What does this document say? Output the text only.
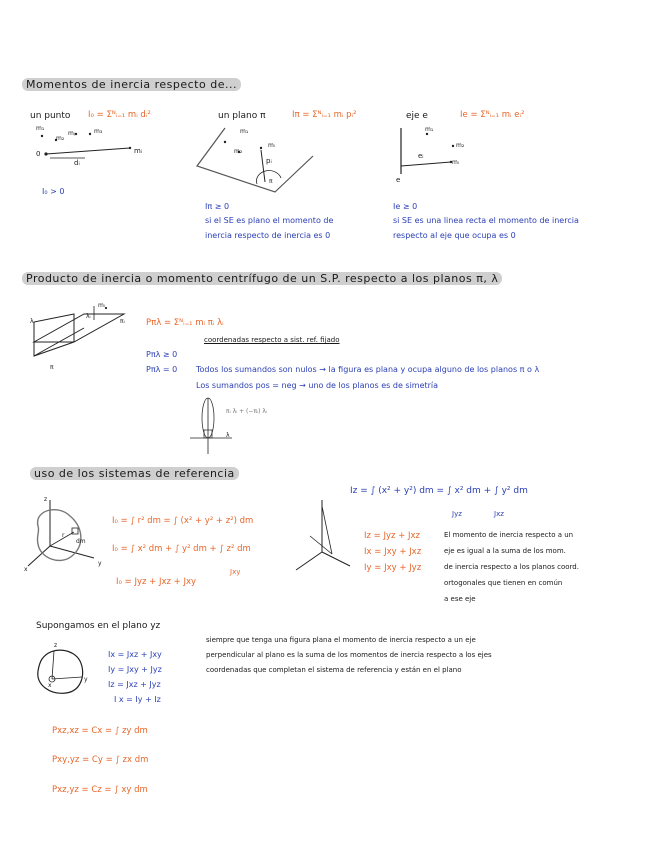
Momentos de inercia respecto de...
un punto I₀ = Σᴺᵢ₌₁ mᵢ dᵢ²
m₁
m₂
mⱼ	m₃
mᵢ
dᵢ
0
I₀ > 0
un plano π	Iπ = Σᴺᵢ₌₁ mᵢ pᵢ²
m₁
m₂
mᵢ
pᵢ
π
Iπ ≥ 0
si el SE es plano el momento de
inercia respecto de inercia es 0
eje e	Ie = Σᴺᵢ₌₁ mᵢ eᵢ²
m₁
m₂
eᵢ
mᵢ
e
Ie ≥ 0
si SE es una linea recta el momento de inercia
respecto al eje que ocupa es 0
Producto de inercia o momento centrífugo de un S.P. respecto a los planos π, λ
λ
λᵢ
πᵢ
mᵢ
π
Pπλ = Σᴺᵢ₌₁ mᵢ πᵢ λᵢ
coordenadas respecto a sist. ref. fijado
Pπλ ≥ 0
Pπλ = 0 Todos los sumandos son nulos → la figura es plana y ocupa alguno de los planos π o λ
Los sumandos pos = neg → uno de los planos es de simetría
πᵢ λᵢ + (−πᵢ) λᵢ
λ
uso de los sistemas de referencia
z
y
x
dm
r
I₀ = ∫ r² dm = ∫ (x² + y² + z²) dm
I₀ = ∫ x² dm + ∫ y² dm + ∫ z² dm
Jxy
I₀ = Jyz + Jxz + Jxy
Iz = ∫ (x² + y²) dm = ∫ x² dm + ∫ y² dm
Jyz	Jxz
Iz = Jyz + Jxz
Ix = Jxy + Jxz
Iy = Jxy + Jyz
El momento de inercia respecto a un
eje es igual a la suma de los mom.
de inercia respecto a los planos coord.
ortogonales que tienen en común
a ese eje
Supongamos en el plano yz
z
y
x
Ix = Jxz + Jxy
Iy = Jxy + Jyz
Iz = Jxz + Jyz
I x = Iy + Iz
siempre que tenga una figura plana el momento de inercia respecto a un eje
perpendicular al plano es la suma de los momentos de inercia respecto a los ejes
coordenadas que completan el sistema de referencia y están en el plano
Pxz,xz = Cx = ∫ zy dm
Pxy,yz = Cy = ∫ zx dm
Pxz,yz = Cz = ∫ xy dm
